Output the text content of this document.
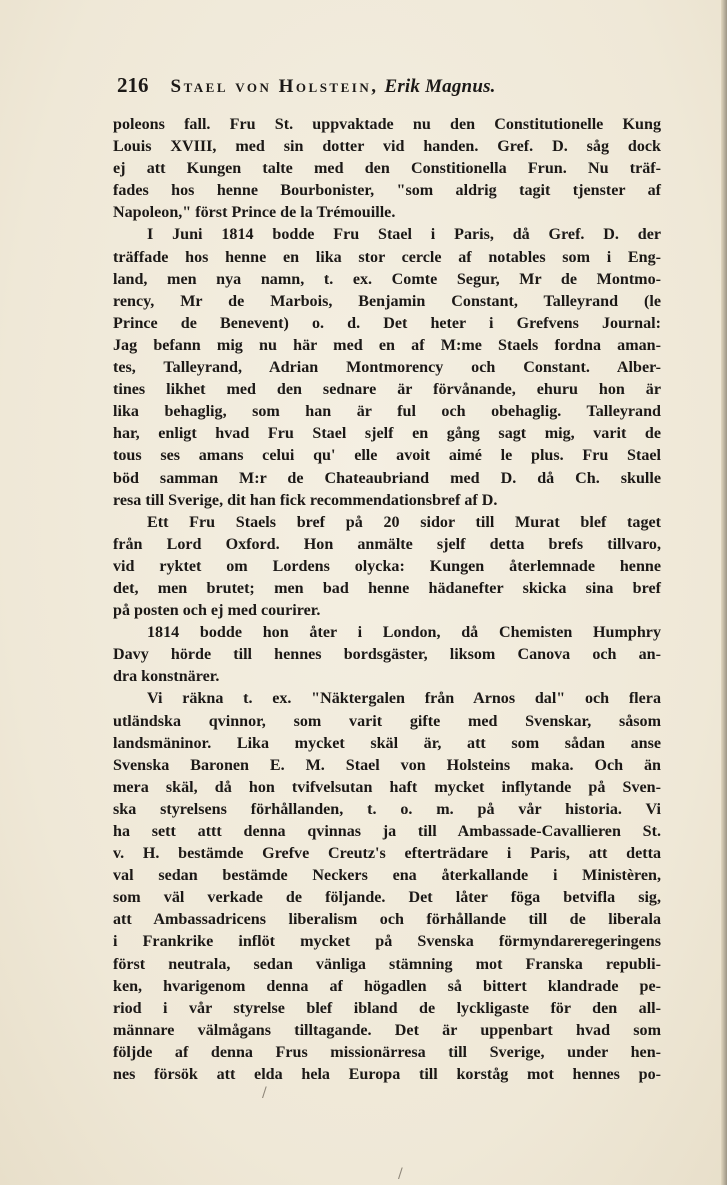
216 Stael von Holstein, Erik Magnus.
poleons fall. Fru St. uppvaktade nu den Constitutionelle Kung
Louis XVIII, med sin dotter vid handen. Gref. D. såg dock
ej att Kungen talte med den Constitionella Frun. Nu träf-
fades hos henne Bourbonister, "som aldrig tagit tjenster af
Napoleon," först Prince de la Trémouille.
I Juni 1814 bodde Fru Stael i Paris, då Gref. D. der
träffade hos henne en lika stor cercle af notables som i Eng-
land, men nya namn, t. ex. Comte Segur, Mr de Montmo-
rency, Mr de Marbois, Benjamin Constant, Talleyrand (le
Prince de Benevent) o. d. Det heter i Grefvens Journal:
Jag befann mig nu här med en af M:me Staels fordna aman-
tes, Talleyrand, Adrian Montmorency och Constant. Alber-
tines likhet med den sednare är förvånande, ehuru hon är
lika behaglig, som han är ful och obehaglig. Talleyrand
har, enligt hvad Fru Stael sjelf en gång sagt mig, varit de
tous ses amans celui qu' elle avoit aimé le plus. Fru Stael
böd samman M:r de Chateaubriand med D. då Ch. skulle
resa till Sverige, dit han fick recommendationsbref af D.
Ett Fru Staels bref på 20 sidor till Murat blef taget
från Lord Oxford. Hon anmälte sjelf detta brefs tillvaro,
vid ryktet om Lordens olycka: Kungen återlemnade henne
det, men brutet; men bad henne hädanefter skicka sina bref
på posten och ej med courirer.
1814 bodde hon åter i London, då Chemisten Humphry
Davy hörde till hennes bordsgäster, liksom Canova och an-
dra konstnärer.
Vi räkna t. ex. "Näktergalen från Arnos dal" och flera
utländska qvinnor, som varit gifte med Svenskar, såsom
landsmäninor. Lika mycket skäl är, att som sådan anse
Svenska Baronen E. M. Stael von Holsteins maka. Och än
mera skäl, då hon tvifvelsutan haft mycket inflytande på Sven-
ska styrelsens förhållanden, t. o. m. på vår historia. Vi
ha sett attt denna qvinnas ja till Ambassade-Cavallieren St.
v. H. bestämde Grefve Creutz's efterträdare i Paris, att detta
val sedan bestämde Neckers ena återkallande i Ministèren,
som väl verkade de följande. Det låter föga betvifla sig,
att Ambassadricens liberalism och förhållande till de liberala
i Frankrike inflöt mycket på Svenska förmyndareregeringens
först neutrala, sedan vänliga stämning mot Franska republi-
ken, hvarigenom denna af högadlen så bittert klandrade pe-
riod i vår styrelse blef ibland de lyckligaste för den all-
männare välmågans tilltagande. Det är uppenbart hvad som
följde af denna Frus missionärresa till Sverige, under hen-
nes försök att elda hela Europa till korståg mot hennes po-
/
/
